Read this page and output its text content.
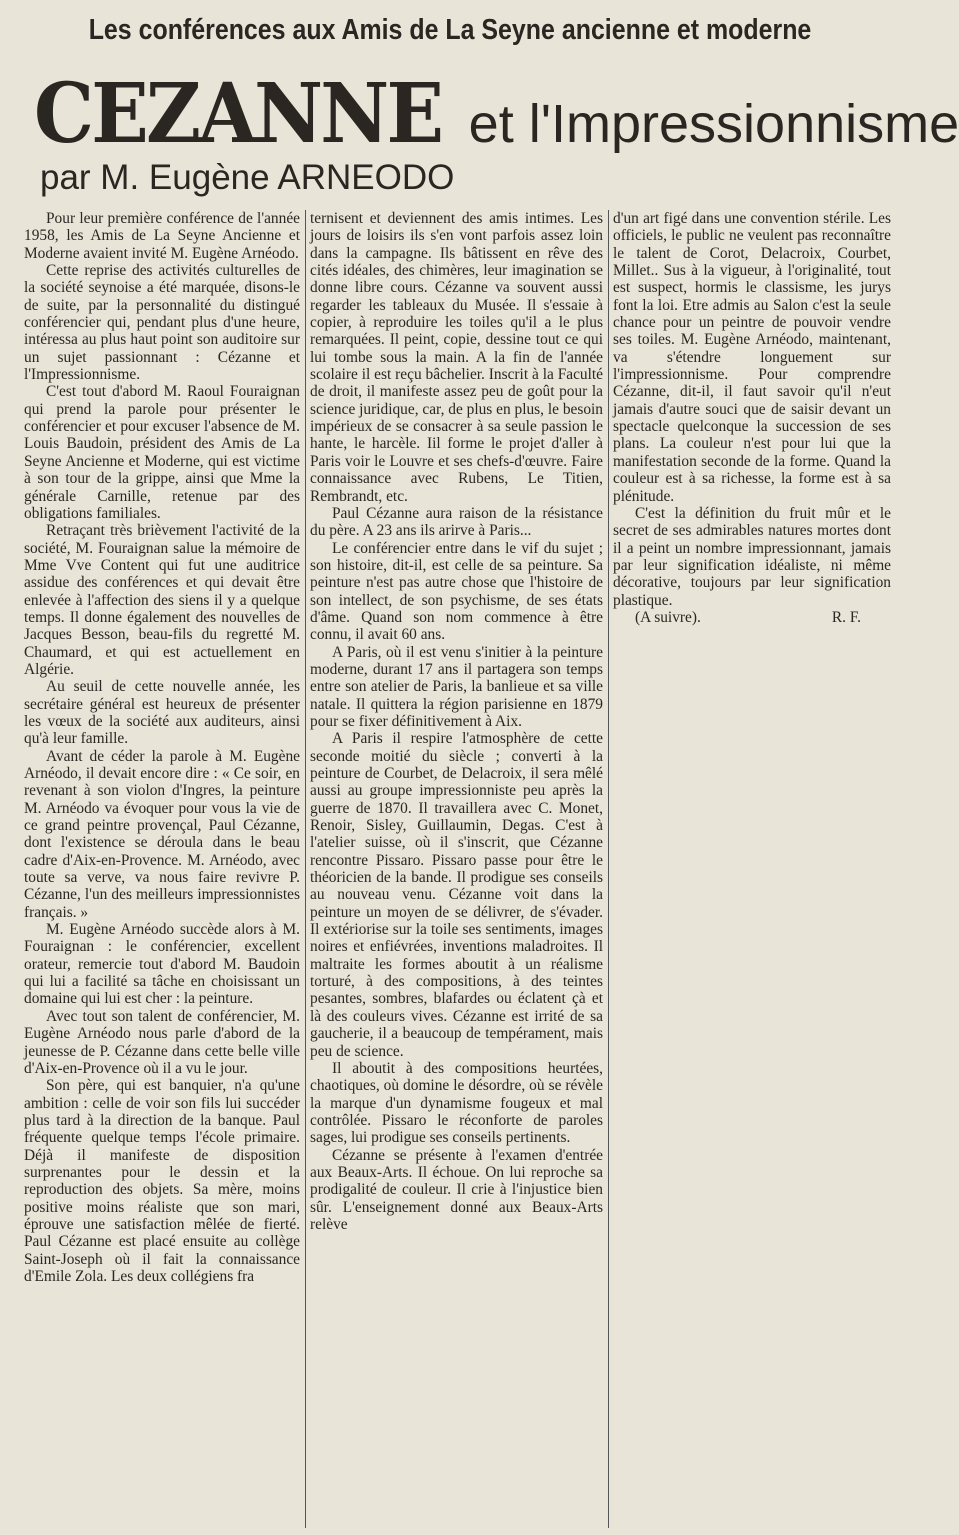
Les conférences aux Amis de La Seyne ancienne et moderne
CEZANNE et l'Impressionnisme
par M. Eugène ARNEODO

Pour leur première conférence de l'année 1958, les Amis de La Seyne Ancienne et Moderne avaient invité M. Eugène Arnéodo.

Cette reprise des activités culturelles de la société seynoise a été marquée, disons-le de suite, par la personnalité du distingué conférencier qui, pendant plus d'une heure, intéressa au plus haut point son auditoire sur un sujet passionnant : Cézanne et l'Impressionnisme.

C'est tout d'abord M. Raoul Fouraignan qui prend la parole pour présenter le conférencier et pour excuser l'absence de M. Louis Baudoin, président des Amis de La Seyne Ancienne et Moderne, qui est victime à son tour de la grippe, ainsi que Mme la générale Carnille, retenue par des obligations familiales.

Retraçant très brièvement l'activité de la société, M. Fouraignan salue la mémoire de Mme Vve Content qui fut une auditrice assidue des conférences et qui devait être enlevée à l'affection des siens il y a quelque temps. Il donne également des nouvelles de Jacques Besson, beau-fils du regretté M. Chaumard, et qui est actuellement en Algérie.

Au seuil de cette nouvelle année, les secrétaire général est heureux de présenter les vœux de la société aux auditeurs, ainsi qu'à leur famille.

Avant de céder la parole à M. Eugène Arnéodo, il devait encore dire : « Ce soir, en revenant à son violon d'Ingres, la peinture M. Arnéodo va évoquer pour vous la vie de ce grand peintre provençal, Paul Cézanne, dont l'existence se déroula dans le beau cadre d'Aix-en-Provence. M. Arnéodo, avec toute sa verve, va nous faire revivre P. Cézanne, l'un des meilleurs impressionnistes français. »

M. Eugène Arnéodo succède alors à M. Fouraignan : le conférencier, excellent orateur, remercie tout d'abord M. Baudoin qui lui a facilité sa tâche en choisissant un domaine qui lui est cher : la peinture.

Avec tout son talent de conférencier, M. Eugène Arnéodo nous parle d'abord de la jeunesse de P. Cézanne dans cette belle ville d'Aix-en-Provence où il a vu le jour.

Son père, qui est banquier, n'a qu'une ambition : celle de voir son fils lui succéder plus tard à la direction de la banque. Paul fréquente quelque temps l'école primaire. Déjà il manifeste de disposition surprenantes pour le dessin et la reproduction des objets. Sa mère, moins positive moins réaliste que son mari, éprouve une satisfaction mêlée de fierté. Paul Cézanne est placé ensuite au collège Saint-Joseph où il fait la connaissance d'Emile Zola. Les deux collégiens fra

ternisent et deviennent des amis intimes. Les jours de loisirs ils s'en vont parfois assez loin dans la campagne. Ils bâtissent en rêve des cités idéales, des chimères, leur imagination se donne libre cours. Cézanne va souvent aussi regarder les tableaux du Musée. Il s'essaie à copier, à reproduire les toiles qu'il a le plus remarquées. Il peint, copie, dessine tout ce qui lui tombe sous la main. A la fin de l'année scolaire il est reçu bâchelier. Inscrit à la Faculté de droit, il manifeste assez peu de goût pour la science juridique, car, de plus en plus, le besoin impérieux de se consacrer à sa seule passion le hante, le harcèle. Iil forme le projet d'aller à Paris voir le Louvre et ses chefs-d'œuvre. Faire connaissance avec Rubens, Le Titien, Rembrandt, etc.

Paul Cézanne aura raison de la résistance du père. A 23 ans ils arirve à Paris...

Le conférencier entre dans le vif du sujet ; son histoire, dit-il, est celle de sa peinture. Sa peinture n'est pas autre chose que l'histoire de son intellect, de son psychisme, de ses états d'âme. Quand son nom commence à être connu, il avait 60 ans.

A Paris, où il est venu s'initier à la peinture moderne, durant 17 ans il partagera son temps entre son atelier de Paris, la banlieue et sa ville natale. Il quittera la région parisienne en 1879 pour se fixer définitivement à Aix.

A Paris il respire l'atmosphère de cette seconde moitié du siècle ; converti à la peinture de Courbet, de Delacroix, il sera mêlé aussi au groupe impressionniste peu après la guerre de 1870. Il travaillera avec C. Monet, Renoir, Sisley, Guillaumin, Degas. C'est à l'atelier suisse, où il s'inscrit, que Cézanne rencontre Pissaro. Pissaro passe pour être le théoricien de la bande. Il prodigue ses conseils au nouveau venu. Cézanne voit dans la peinture un moyen de se délivrer, de s'évader. Il extériorise sur la toile ses sentiments, images noires et enfiévrées, inventions maladroites. Il maltraite les formes aboutit à un réalisme torturé, à des compositions, à des teintes pesantes, sombres, blafardes ou éclatent çà et là des couleurs vives. Cézanne est irrité de sa gaucherie, il a beaucoup de tempérament, mais peu de science.

Il aboutit à des compositions heurtées, chaotiques, où domine le désordre, où se révèle la marque d'un dynamisme fougeux et mal contrôlée. Pissaro le réconforte de paroles sages, lui prodigue ses conseils pertinents.

Cézanne se présente à l'examen d'entrée aux Beaux-Arts. Il échoue. On lui reproche sa prodigalité de couleur. Il crie à l'injustice bien sûr. L'enseignement donné aux Beaux-Arts relève

d'un art figé dans une convention stérile. Les officiels, le public ne veulent pas reconnaître le talent de Corot, Delacroix, Courbet, Millet.. Sus à la vigueur, à l'originalité, tout est suspect, hormis le classisme, les jurys font la loi. Etre admis au Salon c'est la seule chance pour un peintre de pouvoir vendre ses toiles. M. Eugène Arnéodo, maintenant, va s'étendre longuement sur l'impressionnisme. Pour comprendre Cézanne, dit-il, il faut savoir qu'il n'eut jamais d'autre souci que de saisir devant un spectacle quelconque la succession de ses plans. La couleur n'est pour lui que la manifestation seconde de la forme. Quand la couleur est à sa richesse, la forme est à sa plénitude.

C'est la définition du fruit mûr et le secret de ses admirables natures mortes dont il a peint un nombre impressionnant, jamais par leur signification idéaliste, ni même décorative, toujours par leur signification plastique.

(A suivre).	R. F.
